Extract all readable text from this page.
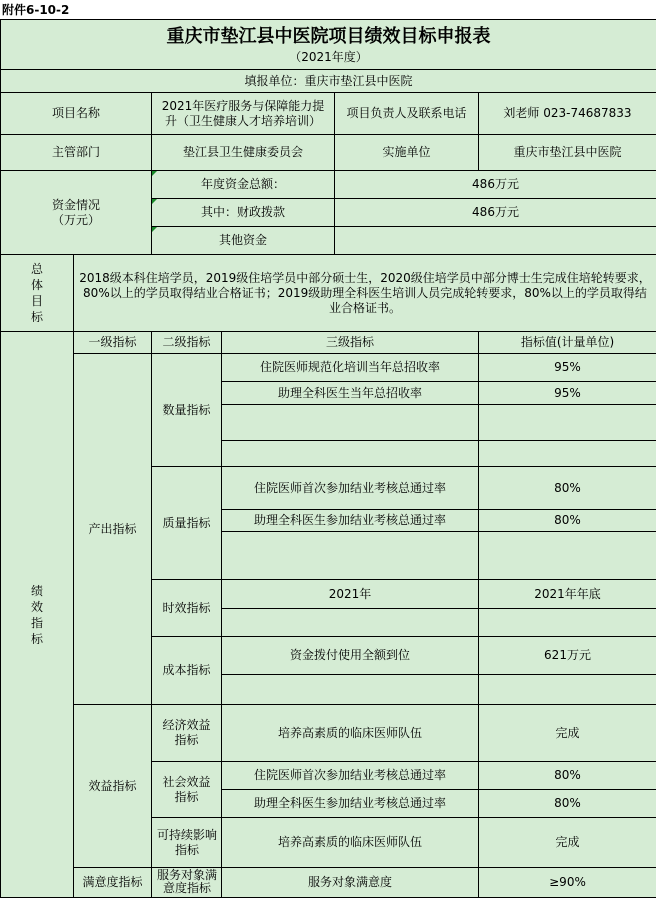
附件6-10-2
重庆市垫江县中医院项目绩效目标申报表
（2021年度）					

填报单位：重庆市垫江县中医院					
项目名称		2021年医疗服务与保障能力提升（卫生健康人才培养培训）		项目负责人及联系电话	刘老师 023-74687833
主管部门		垫江县卫生健康委员会		实施单位	重庆市垫江县中医院
资金情况（万元）		年度资金总额：		486万元	

其中：财政拨款		486万元	

其他资金			
总体目标	2018级本科住培学员，2019级住培学员中部分硕士生，2020级住培学员中部分博士生完成住培轮转要求，80%以上的学员取得结业合格证书；2019级助理全科医生培训人员完成轮转要求，80%以上的学员取得结业合格证书。				
绩效指标	一级指标	二级指标	三级指标		指标值(计量单位)
	产出指标	数量指标	住院医师规范化培训当年总招收率		95%
			助理全科医生当年总招收率		95%

		质量指标	住院医师首次参加结业考核总通过率		80%
			助理全科医生参加结业考核总通过率		80%

		时效指标	2021年		2021年年底

		成本指标	资金拨付使用全额到位		621万元

	效益指标	经济效益指标	培养高素质的临床医师队伍		完成
		社会效益指标	住院医师首次参加结业考核总通过率		80%
			助理全科医生参加结业考核总通过率		80%
		可持续影响指标	培养高素质的临床医师队伍		完成
	满意度指标	服务对象满意度指标	服务对象满意度		≥90%
